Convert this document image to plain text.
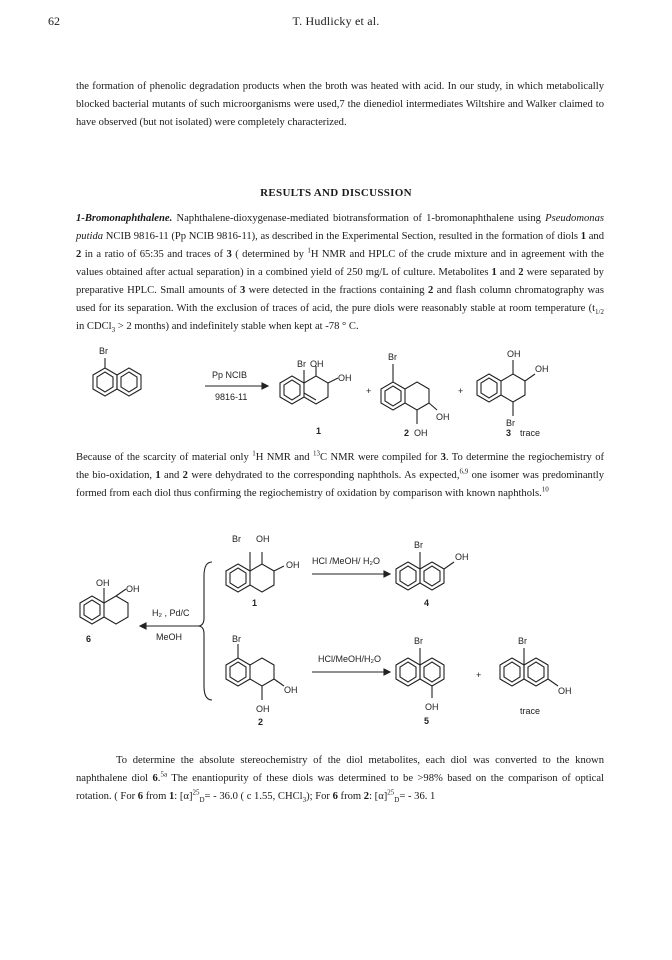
62	T. Hudlicky et al.

the formation of phenolic degradation products when the broth was heated with acid. In our study, in which metabolically blocked bacterial mutants of such microorganisms were used,7 the dienediol intermediates Wiltshire and Walker claimed to have observed (but not isolated) were completely characterized.

RESULTS AND DISCUSSION

1-Bromonaphthalene. Naphthalene-dioxygenase-mediated biotransformation of 1-bromonaphthalene using Pseudomonas putida NCIB 9816-11 (Pp NCIB 9816-11), as described in the Experimental Section, resulted in the formation of diols 1 and 2 in a ratio of 65:35 and traces of 3 ( determined by $^1$H NMR and HPLC of the crude mixture and in agreement with the values obtained after actual separation) in a combined yield of 250 mg/L of culture. Metabolites 1 and 2 were separated by preparative HPLC. Small amounts of 3 were detected in the fractions containing 2 and flash column chromatography was used for its separation. With the exclusion of traces of acid, the pure diols were reasonably stable at room temperature ($t_{1/2}$ in CDCl$_3$ > 2 months) and indefinitely stable when kept at -78 ° C.

Br
Pp NCIB
9816-11
Br OH
OH
1
+
Br
OH
OH
2
+
OH
OH
Br
3 trace

Because of the scarcity of material only $^1$H NMR and $^{13}$C NMR were compiled for 3. To determine the regiochemistry of the bio-oxidation, 1 and 2 were dehydrated to the corresponding naphthols. As expected,$^{6,9}$ one isomer was predominantly formed from each diol thus confirming the regiochemistry of oxidation by comparison with known naphthols.$^{10}$

OH
OH
6
H₂ , Pd/C
MeOH
Br OH
OH
1
HCl /MeOH/ H₂O
Br
OH
4
Br
OH
OH
2
HCl/MeOH/H₂O
Br
OH
5
+
Br
OH
trace

To determine the absolute stereochemistry of the diol metabolites, each diol was converted to the known naphthalene diol 6.$^{5a}$ The enantiopurity of these diols was determined to be >98% based on the comparison of optical rotation. ( For 6 from 1: $[\alpha]^{25}_D= - 36.0$ ( c 1.55, CHCl$_3$); For 6 from 2: $[\alpha]^{25}_D= - 36$. 1
